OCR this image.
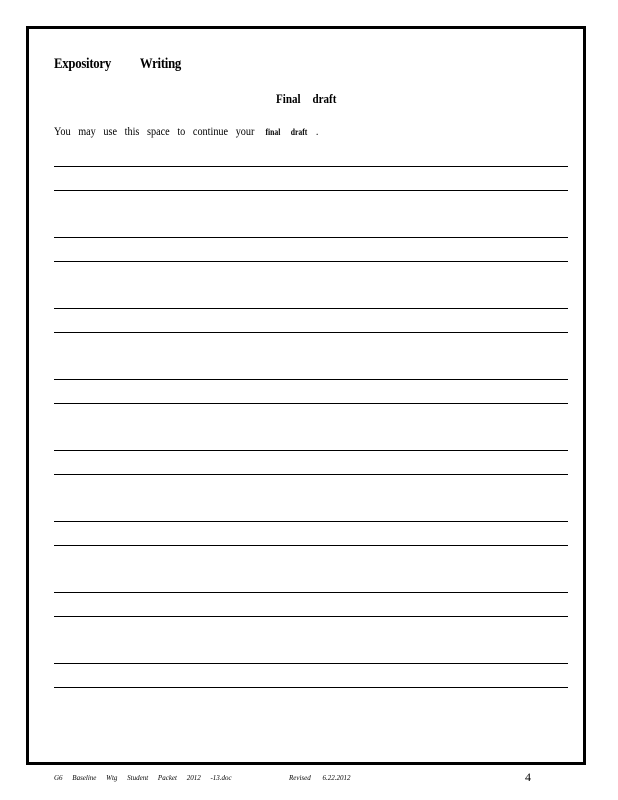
Expository Writing
Final draft
You may use this space to continue your final draft .
G6 Baseline Wtg Student Packet 2012 -13.doc	Revised 6.22.2012	4
